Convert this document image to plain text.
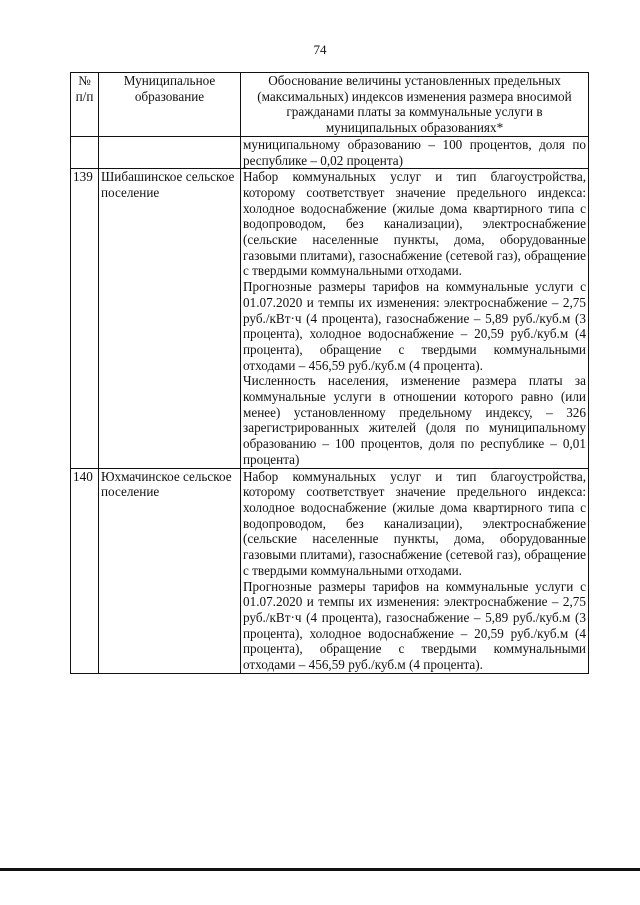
74
№ п/п	Муниципальное образование	Обоснование величины установленных предельных (максимальных) индексов изменения размера вносимой гражданами платы за коммунальные услуги в муниципальных образованиях*

		муниципальному образованию – 100 процентов, доля по республике – 0,02 процента)

139	Шибашинское сельское поселение	Набор коммунальных услуг и тип благоустройства, которому соответствует значение предельного индекса: холодное водоснабжение (жилые дома квартирного типа с водопроводом, без канализации), электроснабжение (сельские населенные пункты, дома, оборудованные газовыми плитами), газоснабжение (сетевой газ), обращение с твердыми коммунальными отходами.
Прогнозные размеры тарифов на коммунальные услуги с 01.07.2020 и темпы их изменения: электроснабжение – 2,75 руб./кВт·ч (4 процента), газоснабжение – 5,89 руб./куб.м (3 процента), холодное водоснабжение – 20,59 руб./куб.м (4 процента), обращение с твердыми коммунальными отходами – 456,59 руб./куб.м (4 процента).
Численность населения, изменение размера платы за коммунальные услуги в отношении которого равно (или менее) установленному предельному индексу, – 326 зарегистрированных жителей (доля по муниципальному образованию – 100 процентов, доля по республике – 0,01 процента)

140	Юхмачинское сельское поселение	Набор коммунальных услуг и тип благоустройства, которому соответствует значение предельного индекса: холодное водоснабжение (жилые дома квартирного типа с водопроводом, без канализации), электроснабжение (сельские населенные пункты, дома, оборудованные газовыми плитами), газоснабжение (сетевой газ), обращение с твердыми коммунальными отходами.
Прогнозные размеры тарифов на коммунальные услуги с 01.07.2020 и темпы их изменения: электроснабжение – 2,75 руб./кВт·ч (4 процента), газоснабжение – 5,89 руб./куб.м (3 процента), холодное водоснабжение – 20,59 руб./куб.м (4 процента), обращение с твердыми коммунальными отходами – 456,59 руб./куб.м (4 процента).
